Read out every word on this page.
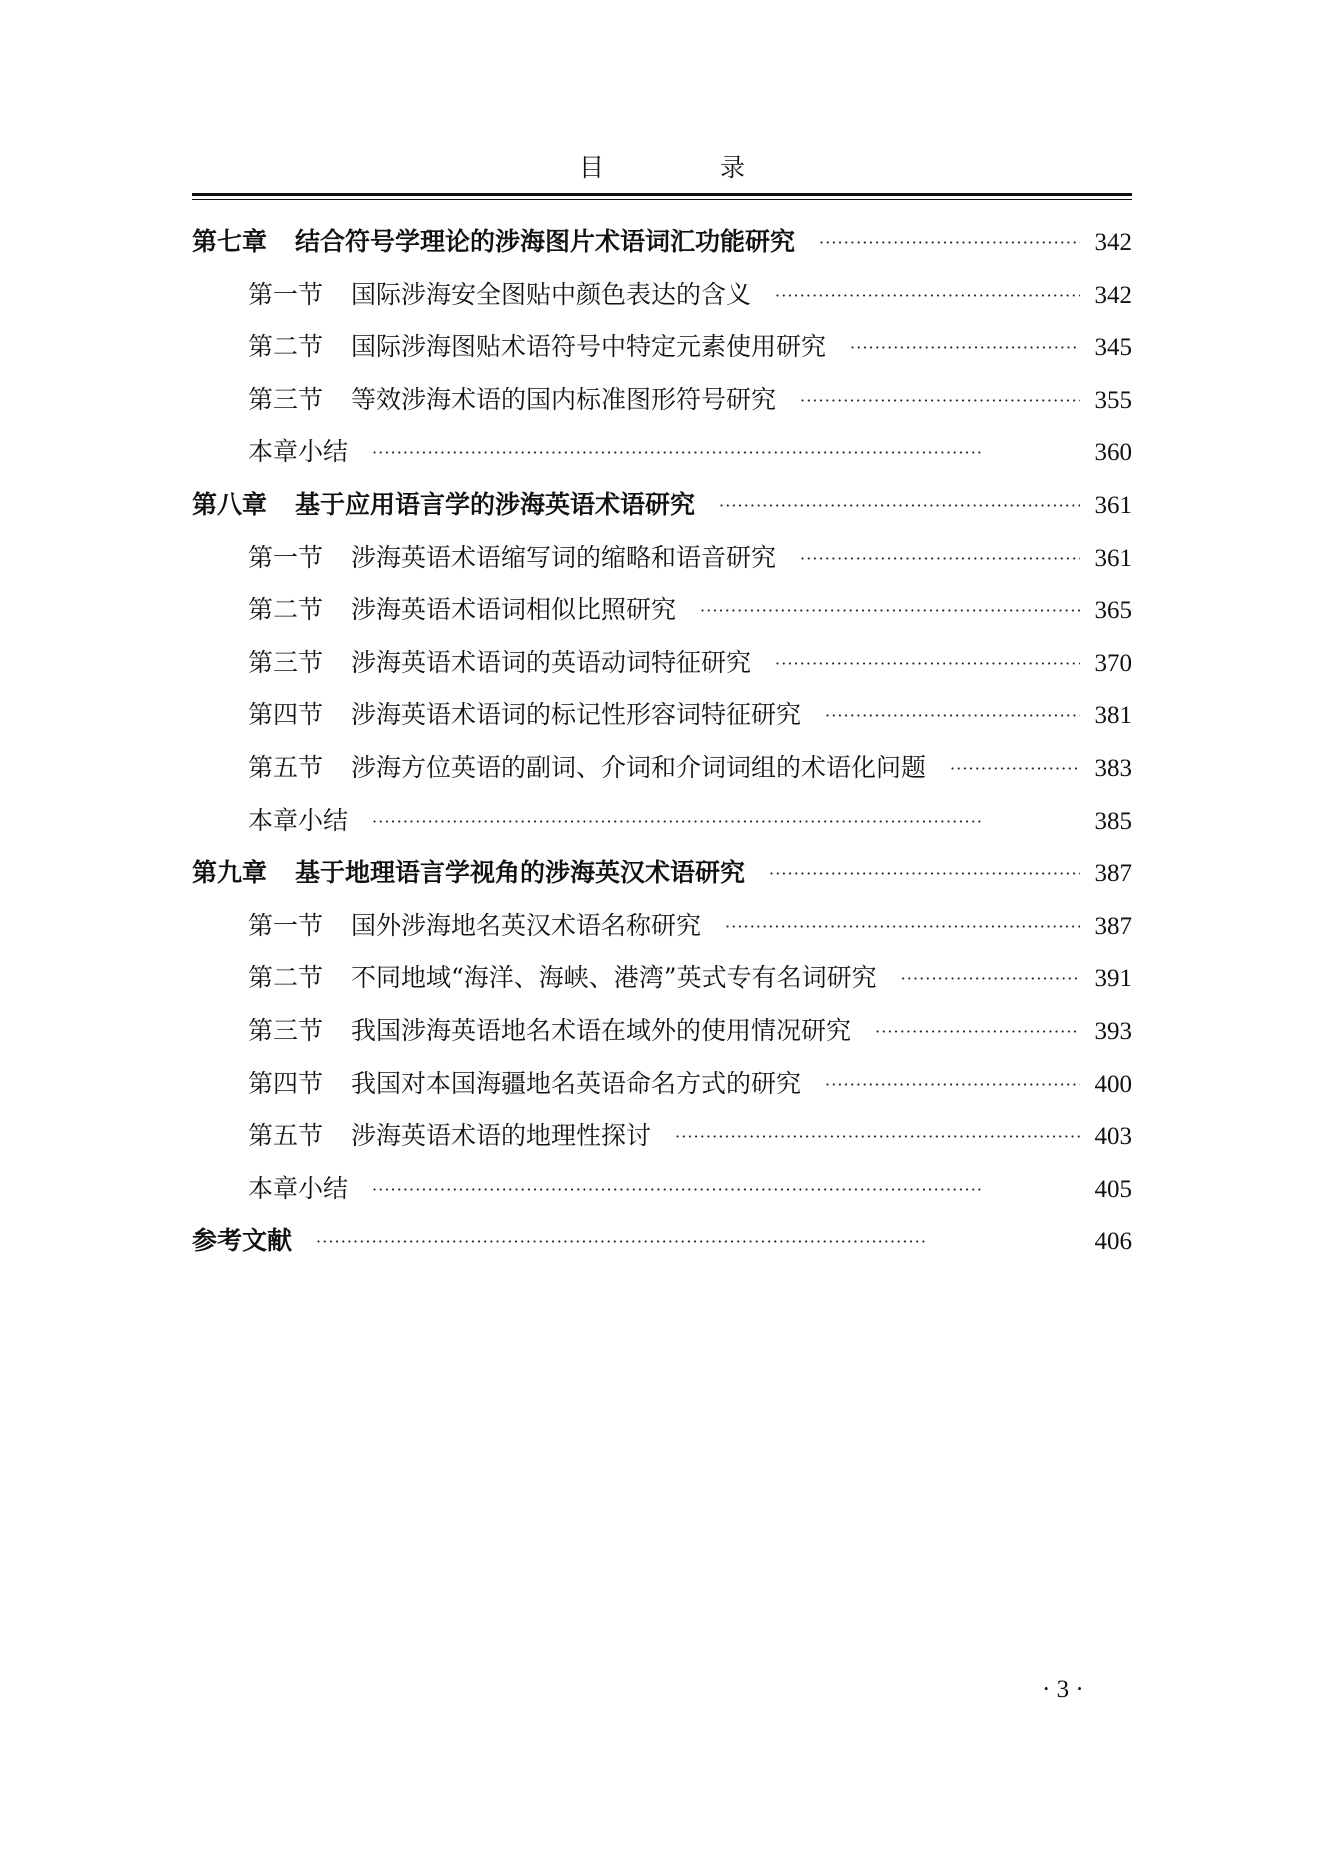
目 录
第七章 结合符号学理论的涉海图片术语词汇功能研究 · · ·	342
第一节 国际涉海安全图贴中颜色表达的含义 · · ·	342
第二节 国际涉海图贴术语符号中特定元素使用研究 · · ·	345
第三节 等效涉海术语的国内标准图形符号研究 · · ·	355
本章小结 · · ·	360
第八章 基于应用语言学的涉海英语术语研究 · · ·	361
第一节 涉海英语术语缩写词的缩略和语音研究 · · ·	361
第二节 涉海英语术语词相似比照研究 · · ·	365
第三节 涉海英语术语词的英语动词特征研究 · · ·	370
第四节 涉海英语术语词的标记性形容词特征研究 · · ·	381
第五节 涉海方位英语的副词、介词和介词词组的术语化问题 · · ·	383
本章小结 · · ·	385
第九章 基于地理语言学视角的涉海英汉术语研究 · · ·	387
第一节 国外涉海地名英汉术语名称研究 · · ·	387
第二节 不同地域“海洋、海峡、港湾”英式专有名词研究 · · ·	391
第三节 我国涉海英语地名术语在域外的使用情况研究 · · ·	393
第四节 我国对本国海疆地名英语命名方式的研究 · · ·	400
第五节 涉海英语术语的地理性探讨 · · ·	403
本章小结 · · ·	405
参考文献 · · ·	406
· 3 ·
